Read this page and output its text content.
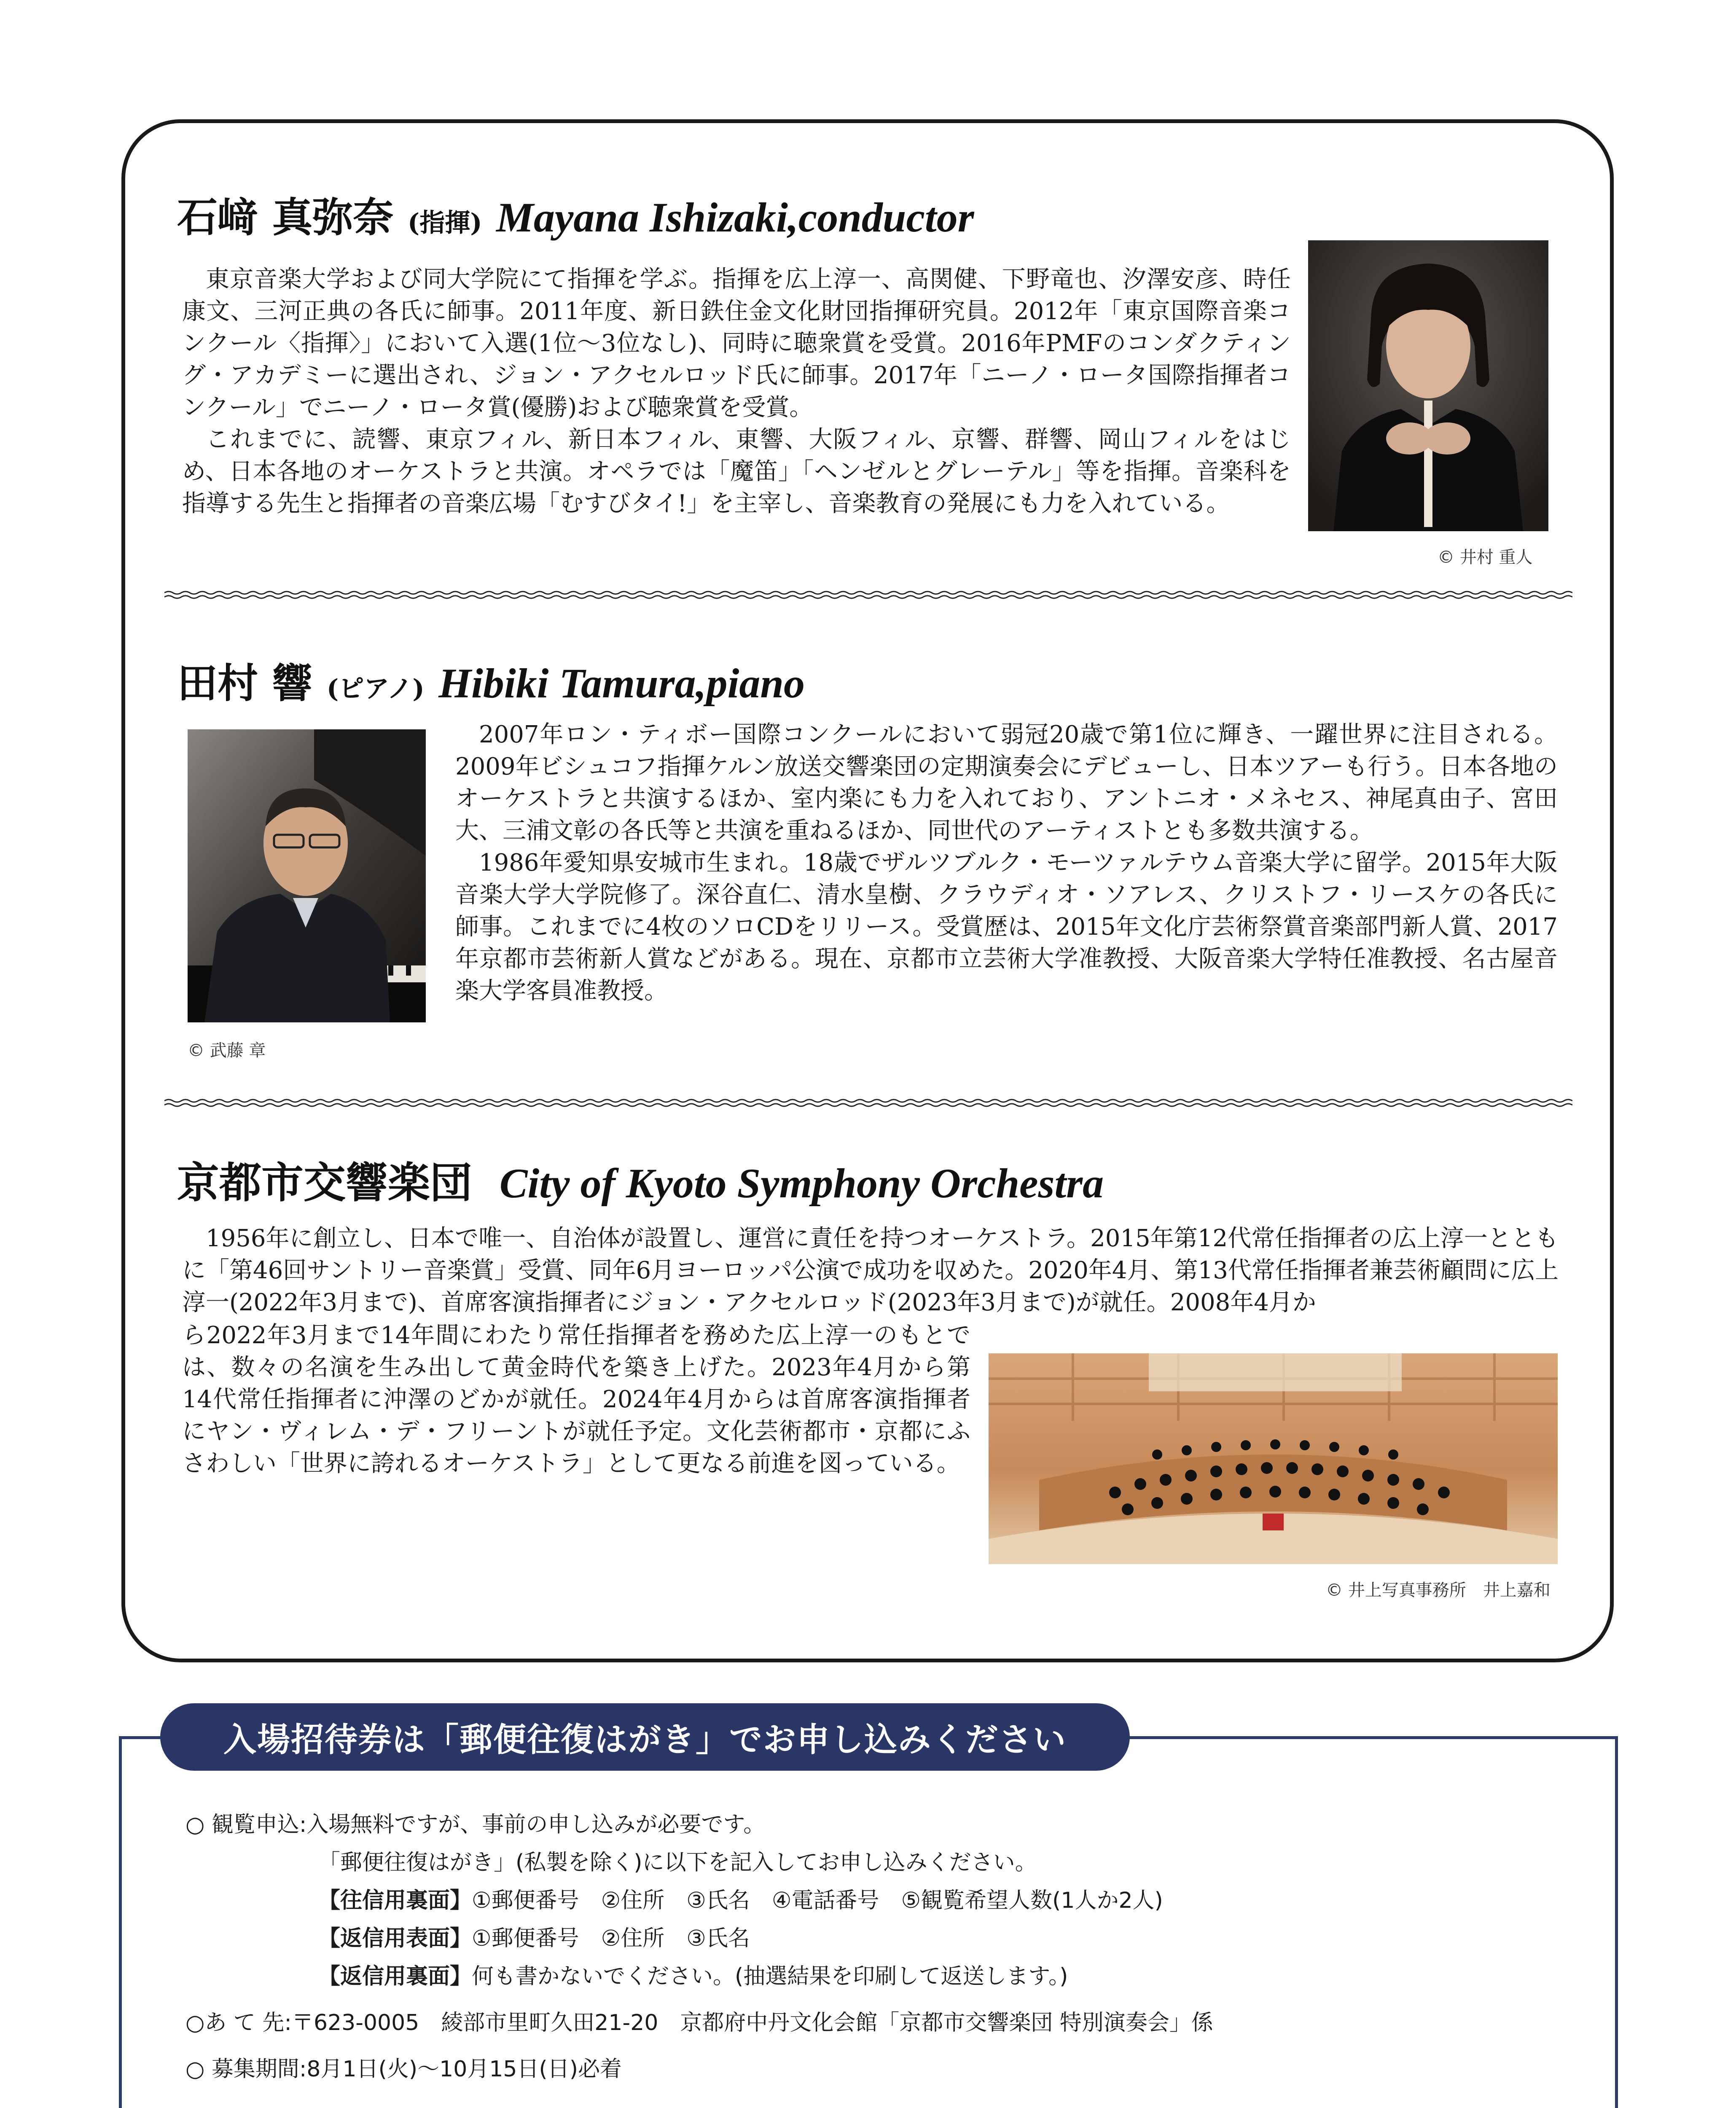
石﨑 真弥奈 (指揮) Mayana Ishizaki,conductor

東京音楽大学および同大学院にて指揮を学ぶ。指揮を広上淳一、高関健、下野竜也、汐澤安彦、時任康文、三河正典の各氏に師事。2011年度、新日鉄住金文化財団指揮研究員。2012年「東京国際音楽コンクール〈指揮〉」において入選(1位～3位なし)、同時に聴衆賞を受賞。2016年PMFのコンダクティング・アカデミーに選出され、ジョン・アクセルロッド氏に師事。2017年「ニーノ・ロータ国際指揮者コンクール」でニーノ・ロータ賞(優勝)および聴衆賞を受賞。

これまでに、読響、東京フィル、新日本フィル、東響、大阪フィル、京響、群響、岡山フィルをはじめ、日本各地のオーケストラと共演。オペラでは「魔笛」「ヘンゼルとグレーテル」等を指揮。音楽科を指導する先生と指揮者の音楽広場「むすびタイ!」を主宰し、音楽教育の発展にも力を入れている。

© 井村 重人
田村 響 (ピアノ) Hibiki Tamura,piano
© 武藤 章

2007年ロン・ティボー国際コンクールにおいて弱冠20歳で第1位に輝き、一躍世界に注目される。2009年ビシュコフ指揮ケルン放送交響楽団の定期演奏会にデビューし、日本ツアーも行う。日本各地のオーケストラと共演するほか、室内楽にも力を入れており、アントニオ・メネセス、神尾真由子、宮田大、三浦文彰の各氏等と共演を重ねるほか、同世代のアーティストとも多数共演する。

1986年愛知県安城市生まれ。18歳でザルツブルク・モーツァルテウム音楽大学に留学。2015年大阪音楽大学大学院修了。深谷直仁、清水皇樹、クラウディオ・ソアレス、クリストフ・リースケの各氏に師事。これまでに4枚のソロCDをリリース。受賞歴は、2015年文化庁芸術祭賞音楽部門新人賞、2017年京都市芸術新人賞などがある。現在、京都市立芸術大学准教授、大阪音楽大学特任准教授、名古屋音楽大学客員准教授。

京都市交響楽団 City of Kyoto Symphony Orchestra

1956年に創立し、日本で唯一、自治体が設置し、運営に責任を持つオーケストラ。2015年第12代常任指揮者の広上淳一とともに「第46回サントリー音楽賞」受賞、同年6月ヨーロッパ公演で成功を収めた。2020年4月、第13代常任指揮者兼芸術顧問に広上淳一(2022年3月まで)、首席客演指揮者にジョン・アクセルロッド(2023年3月まで)が就任。2008年4月か

ら2022年3月まで14年間にわたり常任指揮者を務めた広上淳一のもとでは、数々の名演を生み出して黄金時代を築き上げた。2023年4月から第14代常任指揮者に沖澤のどかが就任。2024年4月からは首席客演指揮者にヤン・ヴィレム・デ・フリーントが就任予定。文化芸術都市・京都にふさわしい「世界に誇れるオーケストラ」として更なる前進を図っている。

© 井上写真事務所　井上嘉和
入場招待券は「郵便往復はがき」でお申し込みください
○ 観覧申込:入場無料ですが、事前の申し込みが必要です。
「郵便往復はがき」(私製を除く)に以下を記入してお申し込みください。
【往信用裏面】①郵便番号　②住所　③氏名　④電話番号　⑤観覧希望人数(1人か2人)
【返信用表面】①郵便番号　②住所　③氏名
【返信用裏面】何も書かないでください。(抽選結果を印刷して返送します。)
○あ て 先:〒623-0005　綾部市里町久田21-20　京都府中丹文化会館「京都市交響楽団 特別演奏会」係
○ 募集期間:8月1日(火)～10月15日(日)必着
